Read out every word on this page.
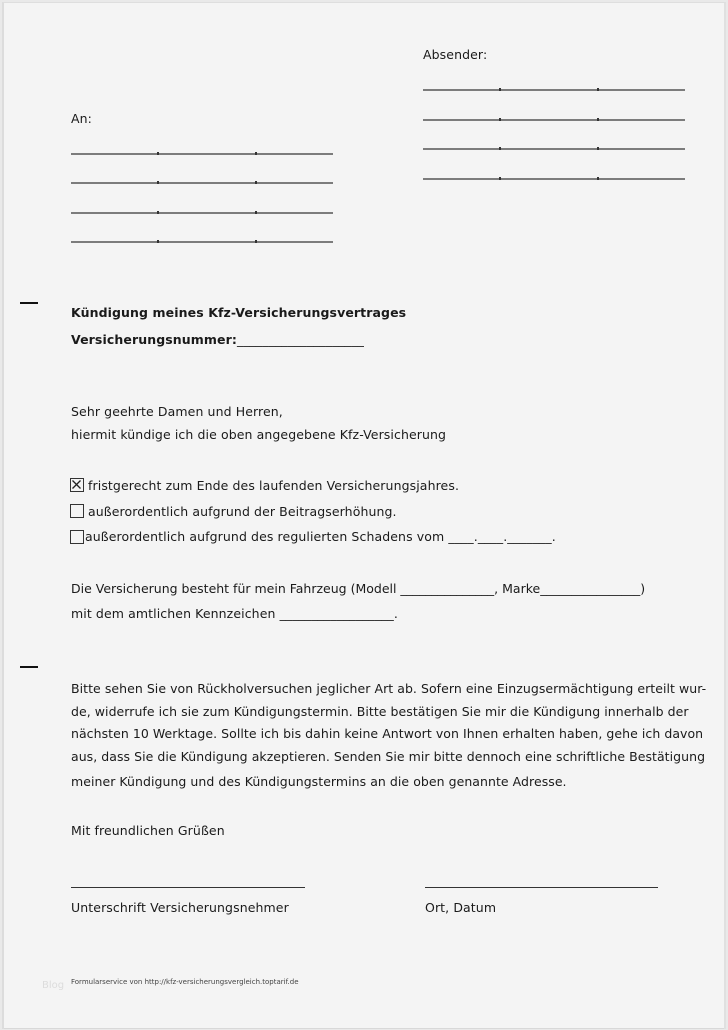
Absender:
An:
Kündigung meines Kfz-Versicherungsvertrages
Versicherungsnummer:____________________
Sehr geehrte Damen und Herren,
hiermit kündige ich die oben angegebene Kfz-Versicherung
fristgerecht zum Ende des laufenden Versicherungsjahres.
außerordentlich aufgrund der Beitragserhöhung.
außerordentlich aufgrund des regulierten Schadens vom ____.____._______.
Die Versicherung besteht für mein Fahrzeug (Modell _______________, Marke________________)
mit dem amtlichen Kennzeichen __________________.
Bitte sehen Sie von Rückholversuchen jeglicher Art ab. Sofern eine Einzugsermächtigung erteilt wur-
de, widerrufe ich sie zum Kündigungstermin. Bitte bestätigen Sie mir die Kündigung innerhalb der
nächsten 10 Werktage. Sollte ich bis dahin keine Antwort von Ihnen erhalten haben, gehe ich davon
aus, dass Sie die Kündigung akzeptieren. Senden Sie mir bitte dennoch eine schriftliche Bestätigung
meiner Kündigung und des Kündigungstermins an die oben genannte Adresse.
Mit freundlichen Grüßen
Unterschrift Versicherungsnehmer	Ort, Datum
Blog Formularservice von http://kfz-versicherungsvergleich.toptarif.de
